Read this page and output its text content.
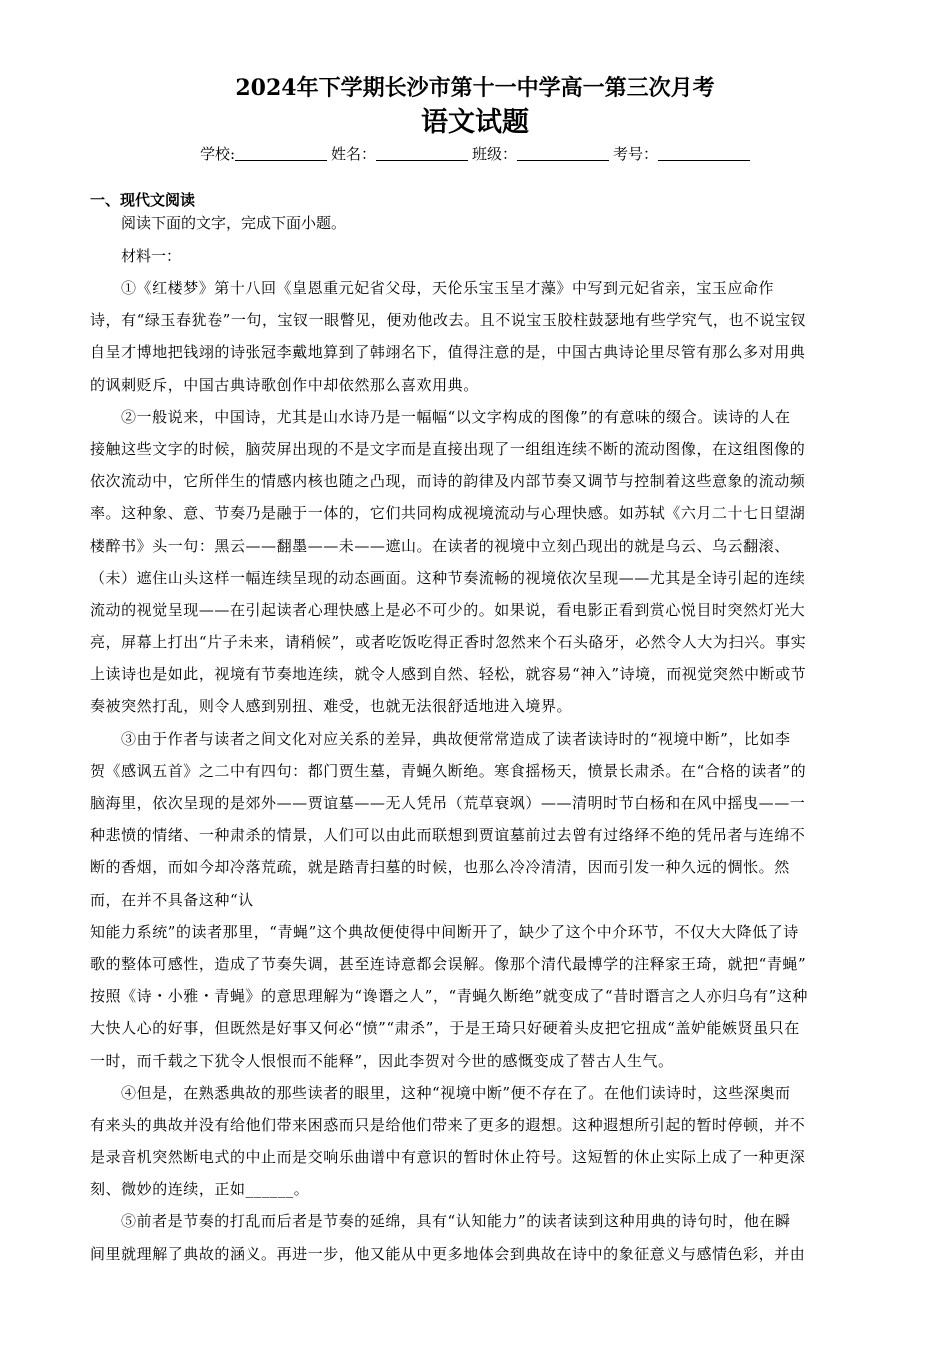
2024年下学期长沙市第十一中学高一第三次月考
语文试题
学校:	姓名：	班级：	考号：
一、现代文阅读
阅读下面的文字，完成下面小题。
材料一：
①《红楼梦》第十八回《皇恩重元妃省父母，天伦乐宝玉呈才藻》中写到元妃省亲，宝玉应命作
诗，有“绿玉春犹卷”一句，宝钗一眼瞥见，便劝他改去。且不说宝玉胶柱鼓瑟地有些学究气，也不说宝钗
自呈才博地把钱翊的诗张冠李戴地算到了韩翊名下，值得注意的是，中国古典诗论里尽管有那么多对用典
的讽刺贬斥，中国古典诗歌创作中却依然那么喜欢用典。
②一般说来，中国诗，尤其是山水诗乃是一幅幅“以文字构成的图像”的有意味的缀合。读诗的人在
接触这些文字的时候，脑荧屏出现的不是文字而是直接出现了一组组连续不断的流动图像，在这组图像的
依次流动中，它所伴生的情感内核也随之凸现，而诗的韵律及内部节奏又调节与控制着这些意象的流动频
率。这种象、意、节奏乃是融于一体的，它们共同构成视境流动与心理快感。如苏轼《六月二十七日望湖
楼醉书》头一句：黑云——翻墨——未——遮山。在读者的视境中立刻凸现出的就是乌云、乌云翻滚、
（未）遮住山头这样一幅连续呈现的动态画面。这种节奏流畅的视境依次呈现——尤其是全诗引起的连续
流动的视觉呈现——在引起读者心理快感上是必不可少的。如果说，看电影正看到赏心悦目时突然灯光大
亮，屏幕上打出“片子未来，请稍候”，或者吃饭吃得正香时忽然来个石头硌牙，必然令人大为扫兴。事实
上读诗也是如此，视境有节奏地连续，就令人感到自然、轻松，就容易“神入”诗境，而视觉突然中断或节
奏被突然打乱，则令人感到别扭、难受，也就无法很舒适地进入境界。
③由于作者与读者之间文化对应关系的差异，典故便常常造成了读者读诗时的“视境中断”，比如李
贺《感讽五首》之二中有四句：都门贾生墓，青蝇久断绝。寒食摇杨天，愤景长肃杀。在“合格的读者”的
脑海里，依次呈现的是郊外——贾谊墓——无人凭吊（荒草衰飒）——清明时节白杨和在风中摇曳——一
种悲愤的情绪、一种肃杀的情景，人们可以由此而联想到贾谊墓前过去曾有过络绎不绝的凭吊者与连绵不
断的香烟，而如今却冷落荒疏，就是踏青扫墓的时候，也那么冷冷清清，因而引发一种久远的惆怅。然
而，在并不具备这种“认
知能力系统”的读者那里，“青蝇”这个典故便使得中间断开了，缺少了这个中介环节，不仅大大降低了诗
歌的整体可感性，造成了节奏失调，甚至连诗意都会误解。像那个清代最博学的注释家王琦，就把“青蝇”
按照《诗・小雅・青蝇》的意思理解为“谗谮之人”，“青蝇久断绝”就变成了“昔时谮言之人亦归乌有”这种
大快人心的好事，但既然是好事又何必“愤”“肃杀”，于是王琦只好硬着头皮把它扭成“盖妒能嫉贤虽只在
一时，而千载之下犹令人恨恨而不能释”，因此李贺对今世的感慨变成了替古人生气。
④但是，在熟悉典故的那些读者的眼里，这种“视境中断”便不存在了。在他们读诗时，这些深奥而
有来头的典故并没有给他们带来困惑而只是给他们带来了更多的遐想。这种遐想所引起的暂时停顿，并不
是录音机突然断电式的中止而是交响乐曲谱中有意识的暂时休止符号。这短暂的休止实际上成了一种更深
刻、微妙的连续，正如______。
⑤前者是节奏的打乱而后者是节奏的延绵，具有“认知能力”的读者读到这种用典的诗句时，他在瞬
间里就理解了典故的涵义。再进一步，他又能从中更多地体会到典故在诗中的象征意义与感情色彩，并由
